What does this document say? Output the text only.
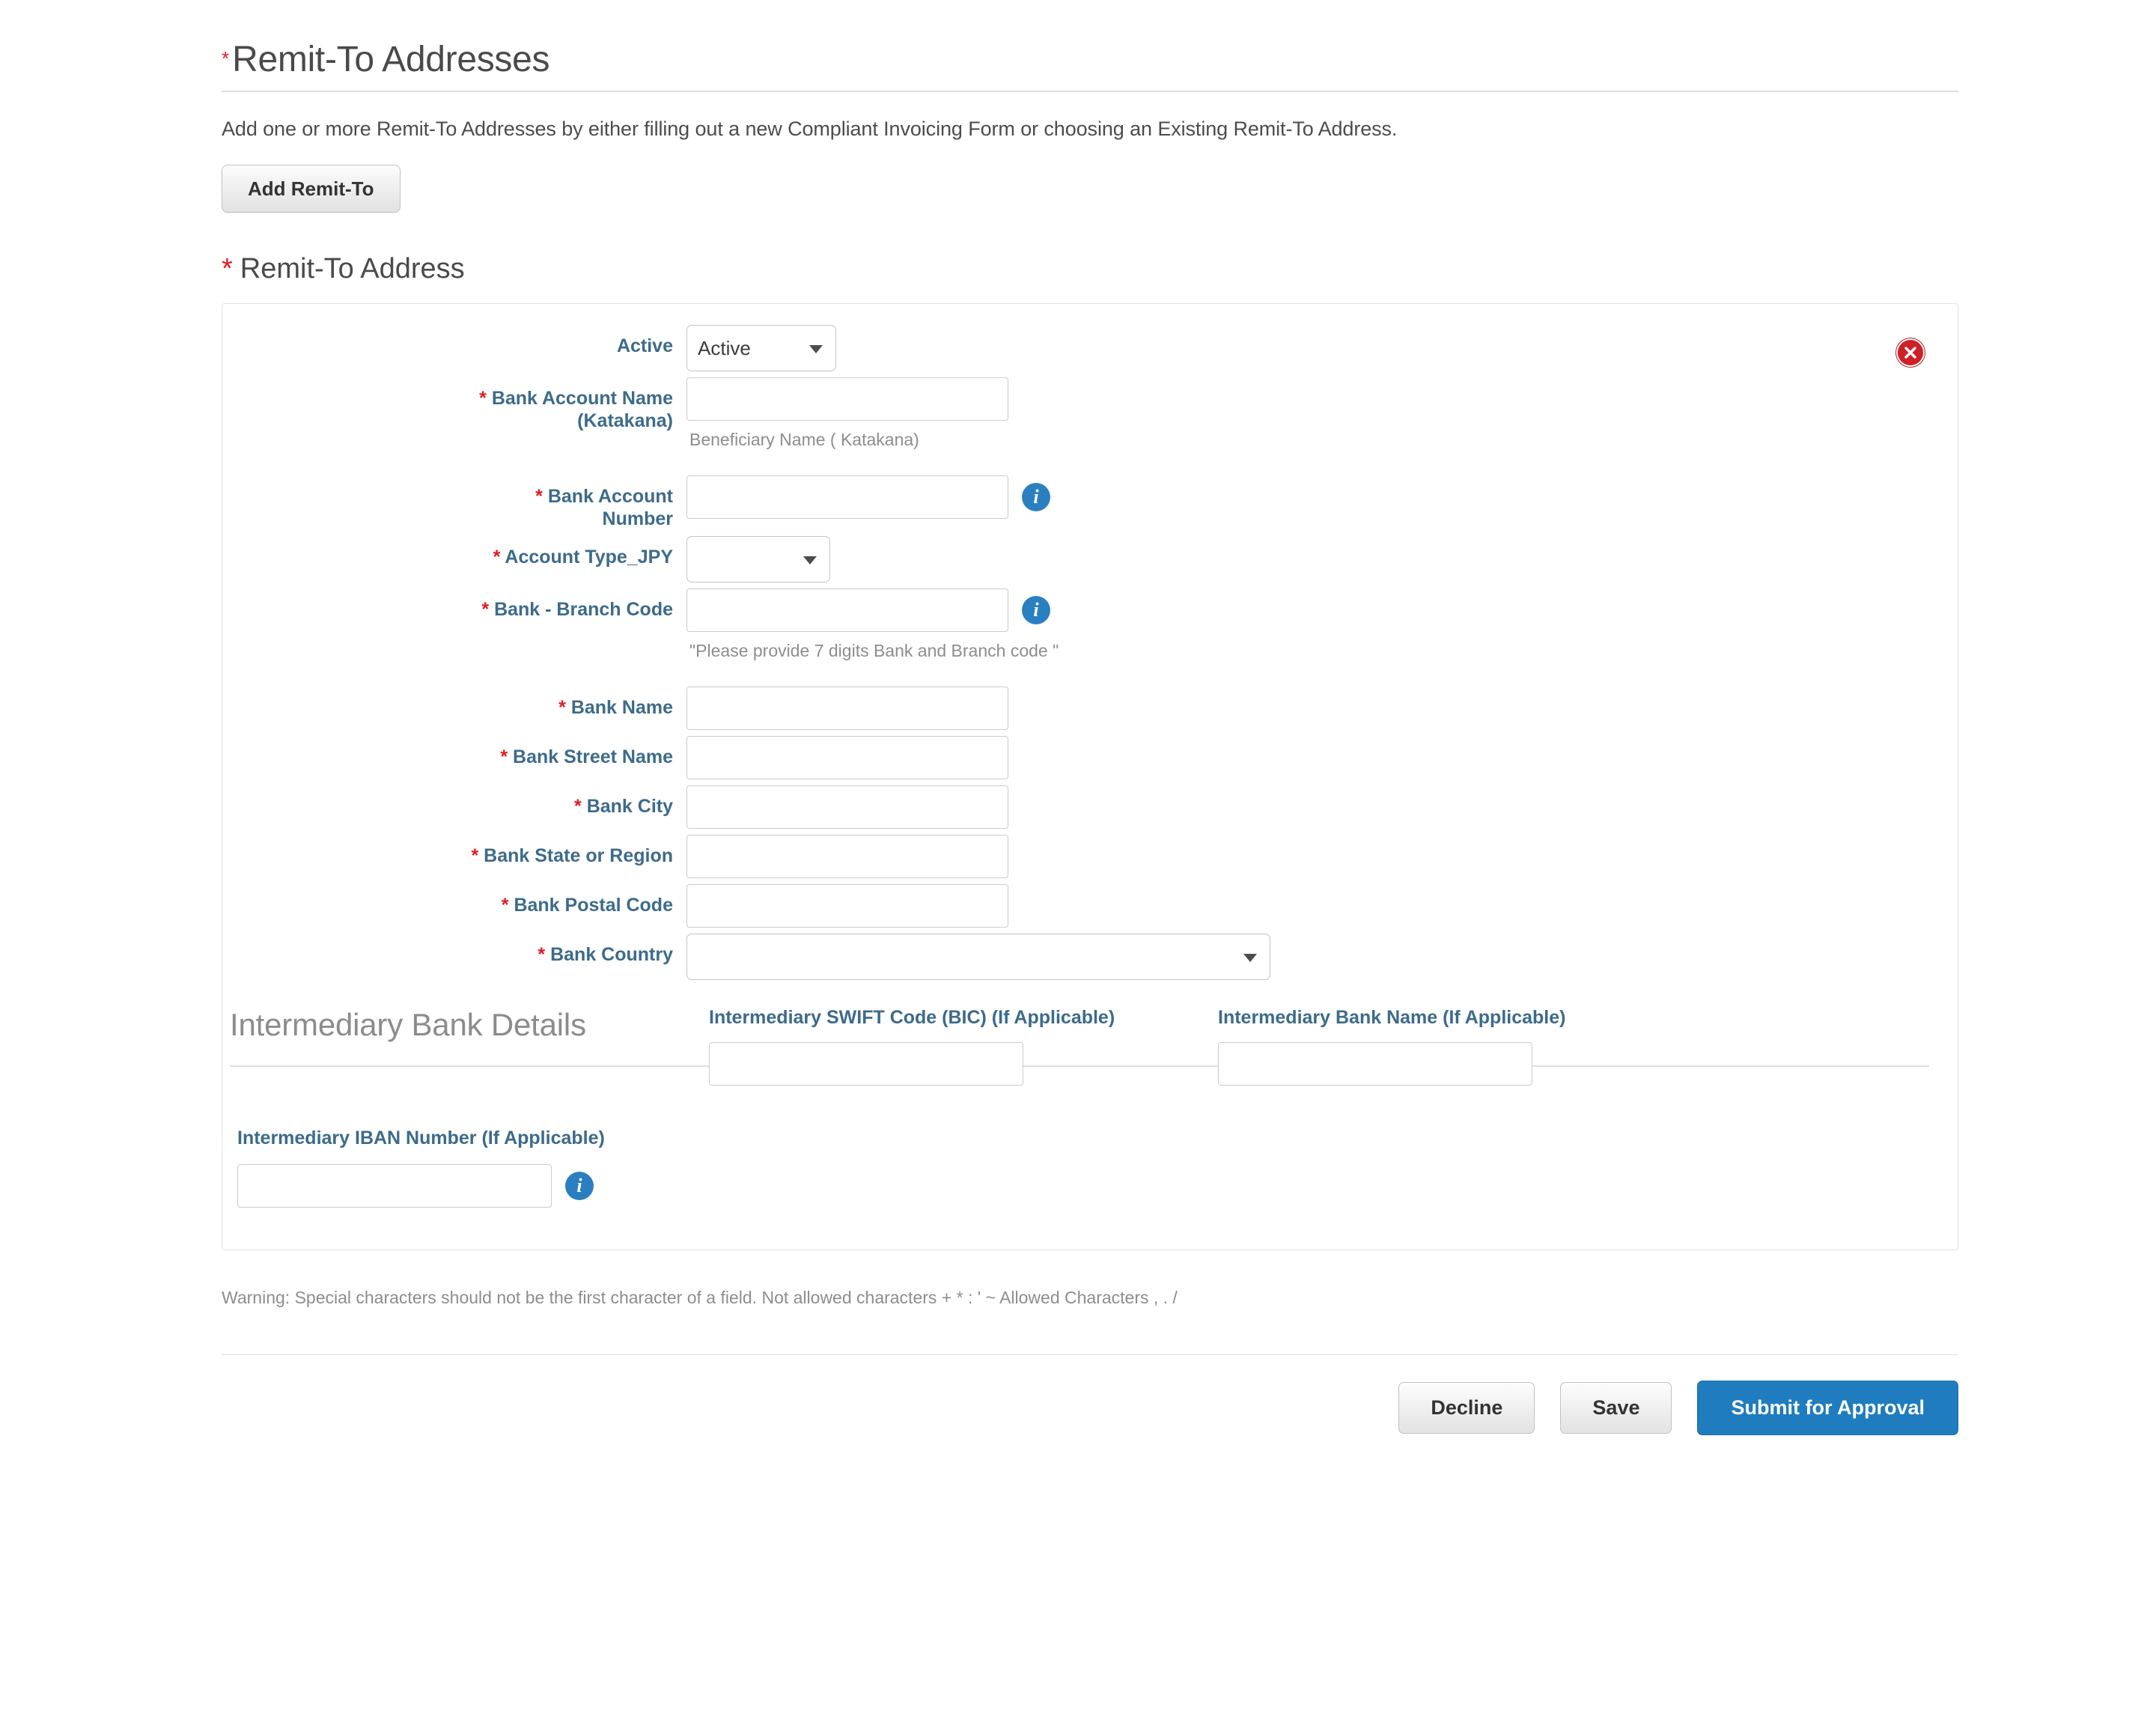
* Remit-To Addresses
Add one or more Remit-To Addresses by either filling out a new Compliant Invoicing Form or choosing an Existing Remit-To Address.
Add Remit-To
* Remit-To Address
Active
Active
* Bank Account Name
(Katakana)
Beneficiary Name ( Katakana)
* Bank Account
Number
i
* Account Type_JPY
* Bank - Branch Code	i
"Please provide 7 digits Bank and Branch code "
* Bank Name
* Bank Street Name
* Bank City
* Bank State or Region
* Bank Postal Code
* Bank Country
Intermediary Bank Details	Intermediary SWIFT Code (BIC) (If Applicable)	Intermediary Bank Name (If Applicable)
Intermediary IBAN Number (If Applicable)
i
Warning: Special characters should not be the first character of a field. Not allowed characters + * : ' ~ Allowed Characters , . /
Decline	Save	Submit for Approval
